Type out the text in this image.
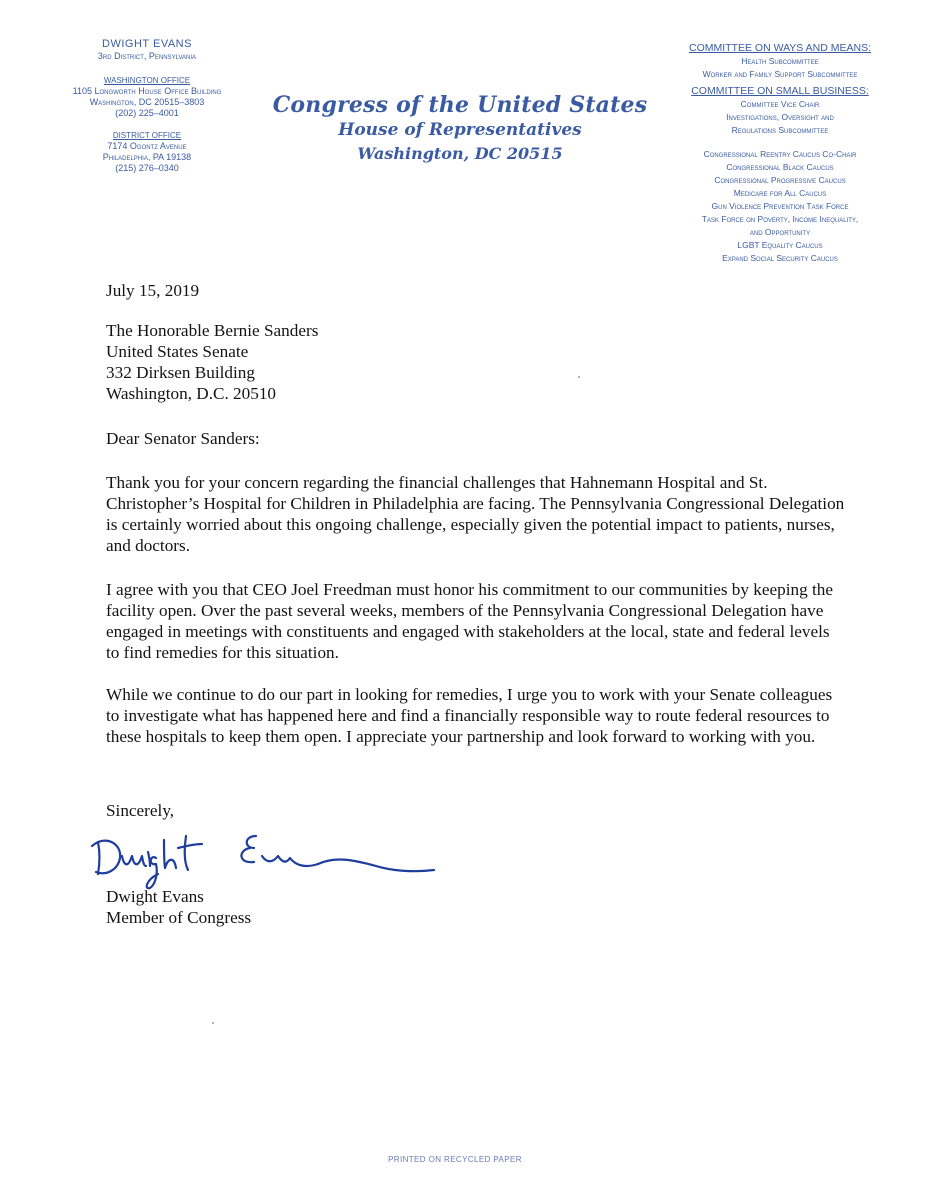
DWIGHT EVANS
3rd District, Pennsylvania
WASHINGTON OFFICE
1105 Longworth House Office Building
Washington, DC 20515–3803
(202) 225–4001
DISTRICT OFFICE
7174 Ogontz Avenue
Philadelphia, PA 19138
(215) 276–0340
Congress of the United States
House of Representatives
Washington, DC 20515
COMMITTEE ON WAYS AND MEANS:
Health Subcommittee
Worker and Family Support Subcommittee
COMMITTEE ON SMALL BUSINESS:
Committee Vice Chair
Investigations, Oversight and
Regulations Subcommittee
Congressional Reentry Caucus Co-Chair
Congressional Black Caucus
Congressional Progressive Caucus
Medicare for All Caucus
Gun Violence Prevention Task Force
Task Force on Poverty, Income Inequality,
and Opportunity
LGBT Equality Caucus
Expand Social Security Caucus
July 15, 2019
The Honorable Bernie Sanders
United States Senate
332 Dirksen Building
Washington, D.C. 20510
Dear Senator Sanders:

Thank you for your concern regarding the financial challenges that Hahnemann Hospital and St. Christopher’s Hospital for Children in Philadelphia are facing. The Pennsylvania Congressional Delegation is certainly worried about this ongoing challenge, especially given the potential impact to patients, nurses, and doctors.

I agree with you that CEO Joel Freedman must honor his commitment to our communities by keeping the facility open. Over the past several weeks, members of the Pennsylvania Congressional Delegation have engaged in meetings with constituents and engaged with stakeholders at the local, state and federal levels to find remedies for this situation.

While we continue to do our part in looking for remedies, I urge you to work with your Senate colleagues to investigate what has happened here and find a financially responsible way to route federal resources to these hospitals to keep them open. I appreciate your partnership and look forward to working with you.

Sincerely,
Dwight Evans
Member of Congress
PRINTED ON RECYCLED PAPER
